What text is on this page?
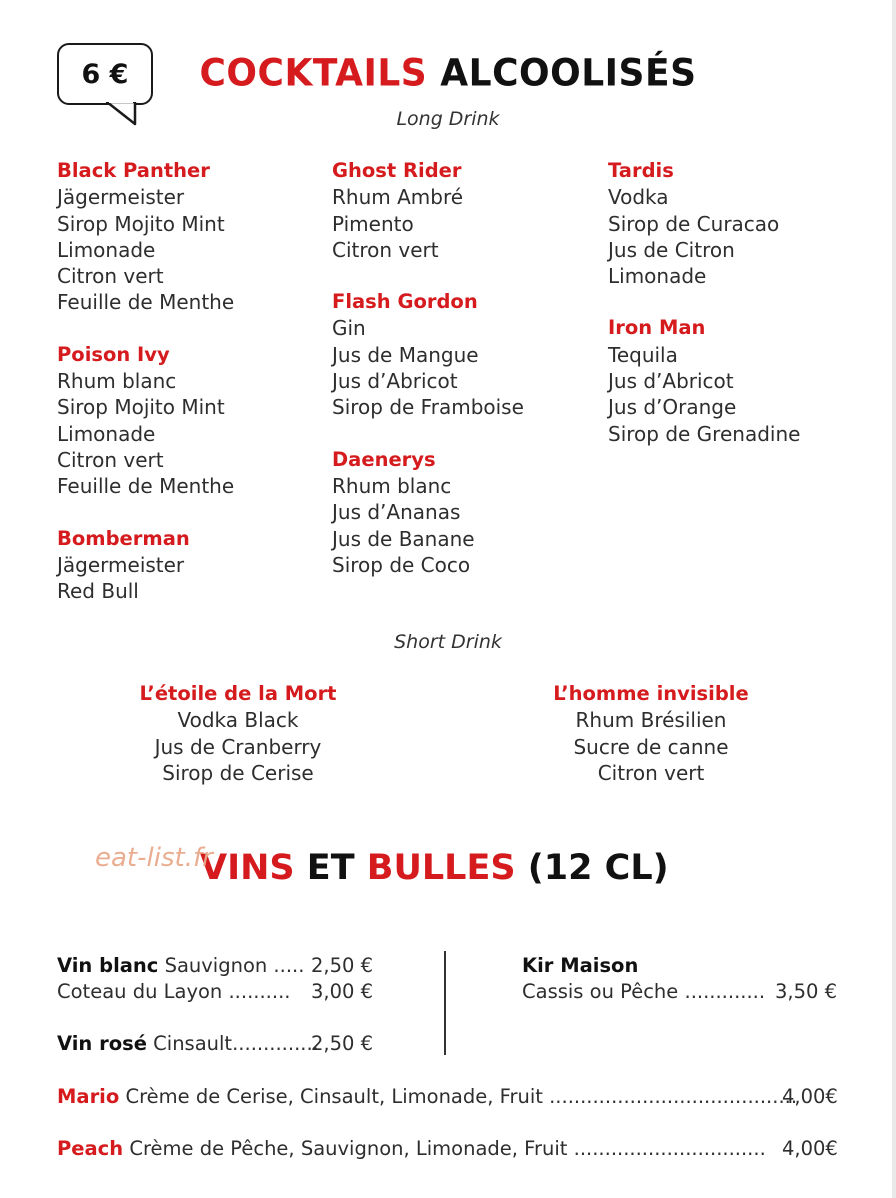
6 €	COCKTAILS ALCOOLISÉS
Long Drink
Black Panther
Jägermeister
Sirop Mojito Mint
Limonade
Citron vert
Feuille de Menthe
Poison Ivy
Rhum blanc
Sirop Mojito Mint
Limonade
Citron vert
Feuille de Menthe
Bomberman
Jägermeister
Red Bull
Ghost Rider
Rhum Ambré
Pimento
Citron vert
Flash Gordon
Gin
Jus de Mangue
Jus d’Abricot
Sirop de Framboise
Daenerys
Rhum blanc
Jus d’Ananas
Jus de Banane
Sirop de Coco
Tardis
Vodka
Sirop de Curacao
Jus de Citron
Limonade
Iron Man
Tequila
Jus d’Abricot
Jus d’Orange
Sirop de Grenadine
Short Drink
L’étoile de la Mort
Vodka Black
Jus de Cranberry
Sirop de Cerise
L’homme invisible
Rhum Brésilien
Sucre de canne
Citron vert
VINS ET BULLES (12 CL)
eat-list.fr
Vin blanc Sauvignon ..... 2,50 €
Coteau du Layon .......... 3,00 €
Vin rosé Cinsault..............
2,50 €
Kir Maison
Cassis ou Pêche ............. 3,50 €
Mario Crème de Cerise, Cinsault, Limonade, Fruit ........................................
4,00€
Peach Crème de Pêche, Sauvignon, Limonade, Fruit ............................... 4,00€
